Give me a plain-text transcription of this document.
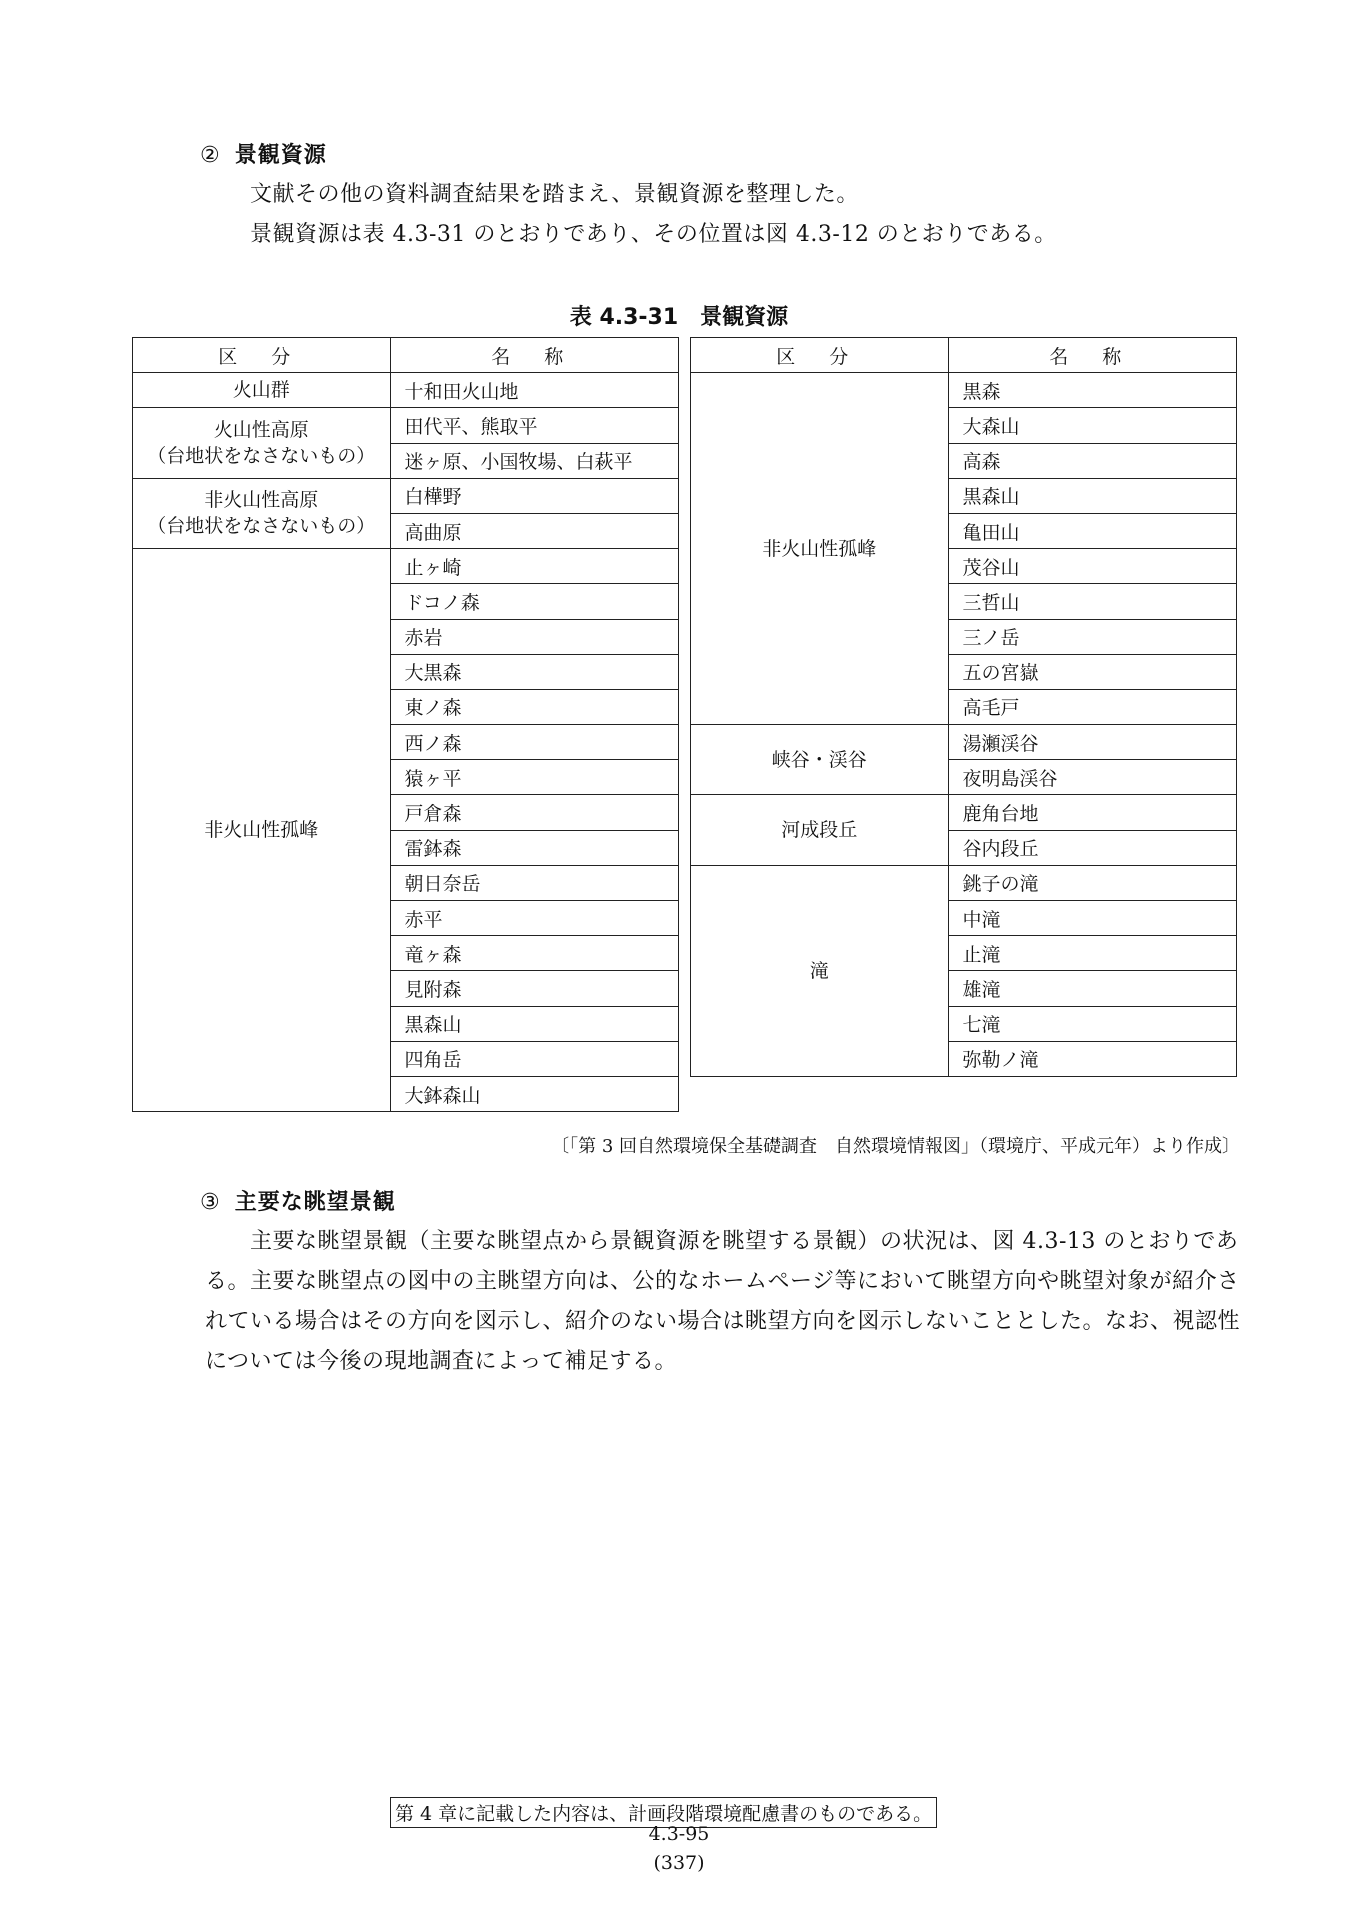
② 景観資源
文献その他の資料調査結果を踏まえ、景観資源を整理した。
景観資源は表 4.3-31 のとおりであり、その位置は図 4.3-12 のとおりである。
表 4.3-31　景観資源
区 分	名 称
火山群	十和田火山地
火山性高原
（台地状をなさないもの）	田代平、熊取平
	迷ヶ原、小国牧場、白萩平
非火山性高原
（台地状をなさないもの）	白樺野
	高曲原
非火山性孤峰	止ヶ崎
	ドコノ森
	赤岩
	大黒森
	東ノ森
	西ノ森
	猿ヶ平
	戸倉森
	雷鉢森
	朝日奈岳
	赤平
	竜ヶ森
	見附森
	黒森山
	四角岳
	大鉢森山
区 分	名 称
非火山性孤峰	黒森
	大森山
	高森
	黒森山
	亀田山
	茂谷山
	三哲山
	三ノ岳
	五の宮嶽
	高毛戸
峡谷・渓谷	湯瀬渓谷
	夜明島渓谷
河成段丘	鹿角台地
	谷内段丘
滝	銚子の滝
	中滝
	止滝
	雄滝
	七滝
	弥勒ノ滝
〔「第 3 回自然環境保全基礎調査　自然環境情報図」（環境庁、平成元年）より作成〕
③ 主要な眺望景観
主要な眺望景観（主要な眺望点から景観資源を眺望する景観）の状況は、図 4.3-13 のとおりである。主要な眺望点の図中の主眺望方向は、公的なホームページ等において眺望方向や眺望対象が紹介されている場合はその方向を図示し、紹介のない場合は眺望方向を図示しないこととした。なお、視認性については今後の現地調査によって補足する。
第 4 章に記載した内容は、計画段階環境配慮書のものである。
4.3-95
(337)
